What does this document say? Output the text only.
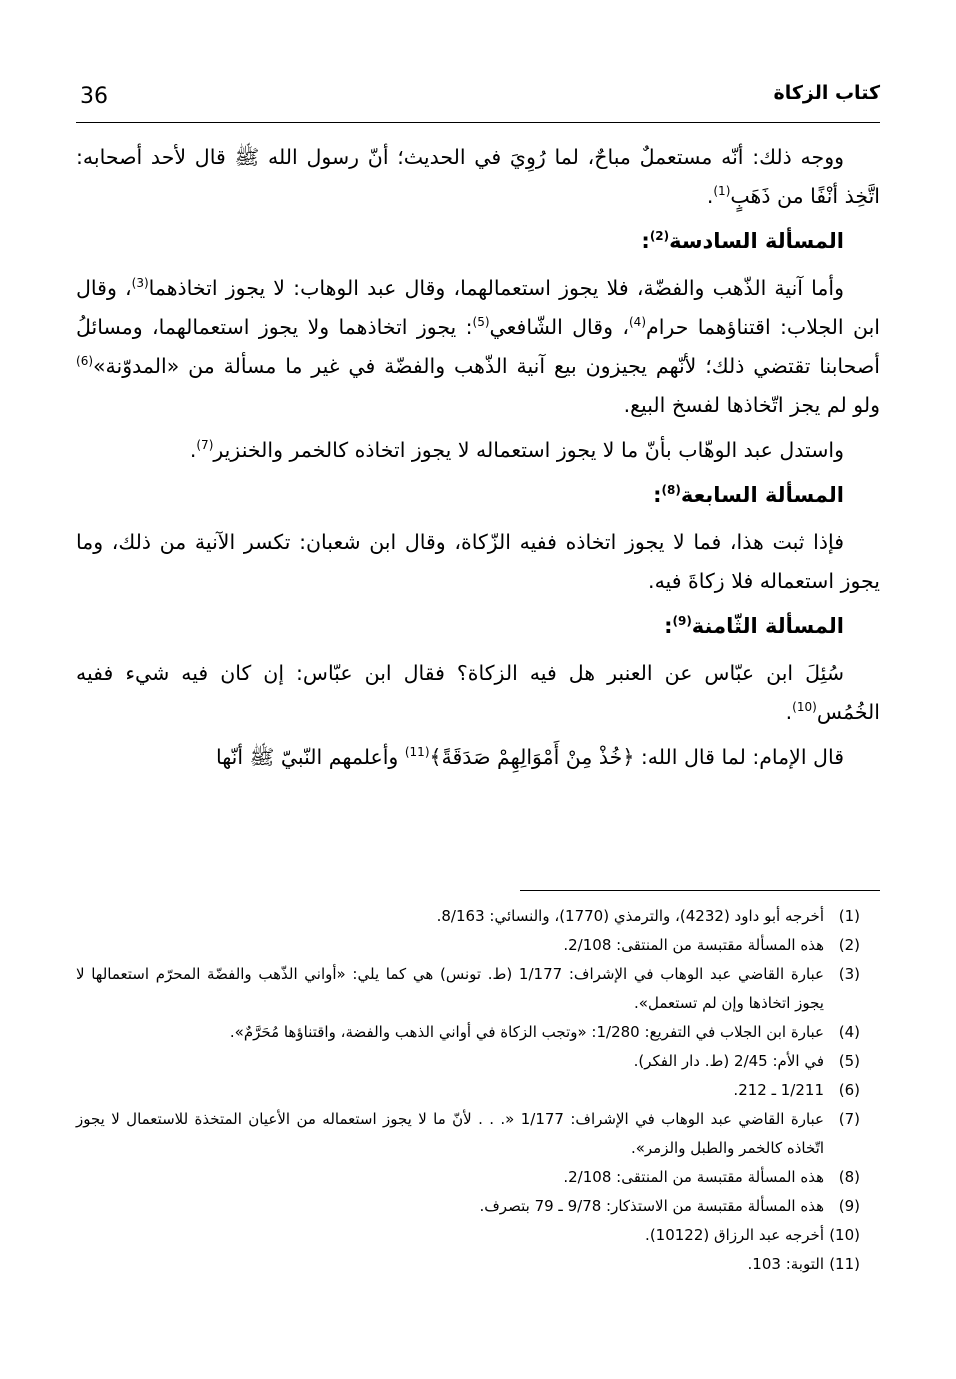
36	كتاب الزكاة

ووجه ذلك: أنّه مستعملٌ مباحٌ، لما رُوِيَ في الحديث؛ أنّ رسول الله ﷺ قال لأحد أصحابه: اتَّخِذ أنْفًا من ذَهَبٍ$^{(1)}$.

المسألة السادسة$^{(2)}$:

وأما آنية الذّهب والفضّة، فلا يجوز استعمالهما، وقال عبد الوهاب: لا يجوز اتخاذهما$^{(3)}$، وقال ابن الجلاب: اقتناؤهما حرام$^{(4)}$، وقال الشّافعي$^{(5)}$: يجوز اتخاذهما ولا يجوز استعمالهما، ومسائلُ أصحابنا تقتضي ذلك؛ لأنّهم يجيزون بيع آنية الذّهب والفضّة في غير ما مسألة من «المدوّنة»$^{(6)}$ ولو لم يجز اتّخاذها لفسخ البيع.

واستدل عبد الوهّاب بأنّ ما لا يجوز استعماله لا يجوز اتخاذه كالخمر والخنزير$^{(7)}$.

المسألة السابعة$^{(8)}$:

فإذا ثبت هذا، فما لا يجوز اتخاذه ففيه الزّكاة، وقال ابن شعبان: تكسر الآنية من ذلك، وما يجوز استعماله فلا زكاةَ فيه.

المسألة الثّامنة$^{(9)}$:

سُئِلَ ابن عبّاس عن العنبر هل فيه الزكاة؟ فقال ابن عبّاس: إن كان فيه شيء ففيه الخُمُس$^{(10)}$.

قال الإمام: لما قال الله: ﴿خُذْ مِنْ أَمْوَالِهِمْ صَدَقَةً﴾$^{(11)}$ وأعلمهم النّبيّ ﷺ أنّها

(1)
أخرجه أبو داود (4232)، والترمذي (1770)، والنسائي: 8/163.
(2)
هذه المسألة مقتبسة من المنتقى: 2/108.
(3)
عبارة القاضي عبد الوهاب في الإشراف: 1/177 (ط. تونس) هي كما يلي: «أواني الذّهب والفضّة المحرّم استعمالها لا يجوز اتخاذها وإن لم تستعمل».
(4)
عبارة ابن الجلاب في التفريع: 1/280: «وتجب الزكاة في أواني الذهب والفضة، واقتناؤها مُحَرَّمٌ».
(5)
في الأم: 2/45 (ط. دار الفكر).
(6)
1/211 ـ 212.
(7)
عبارة القاضي عبد الوهاب في الإشراف: 1/177 «. . . لأنّ ما لا يجوز استعماله من الأعيان المتخذة للاستعمال لا يجوز اتّخاذه كالخمر والطبل والزمر».
(8)
هذه المسألة مقتبسة من المنتقى: 2/108.
(9)
هذه المسألة مقتبسة من الاستذكار: 9/78 ـ 79 بتصرف.
(10)
أخرجه عبد الرزاق (10122).
(11)
التوبة: 103.
